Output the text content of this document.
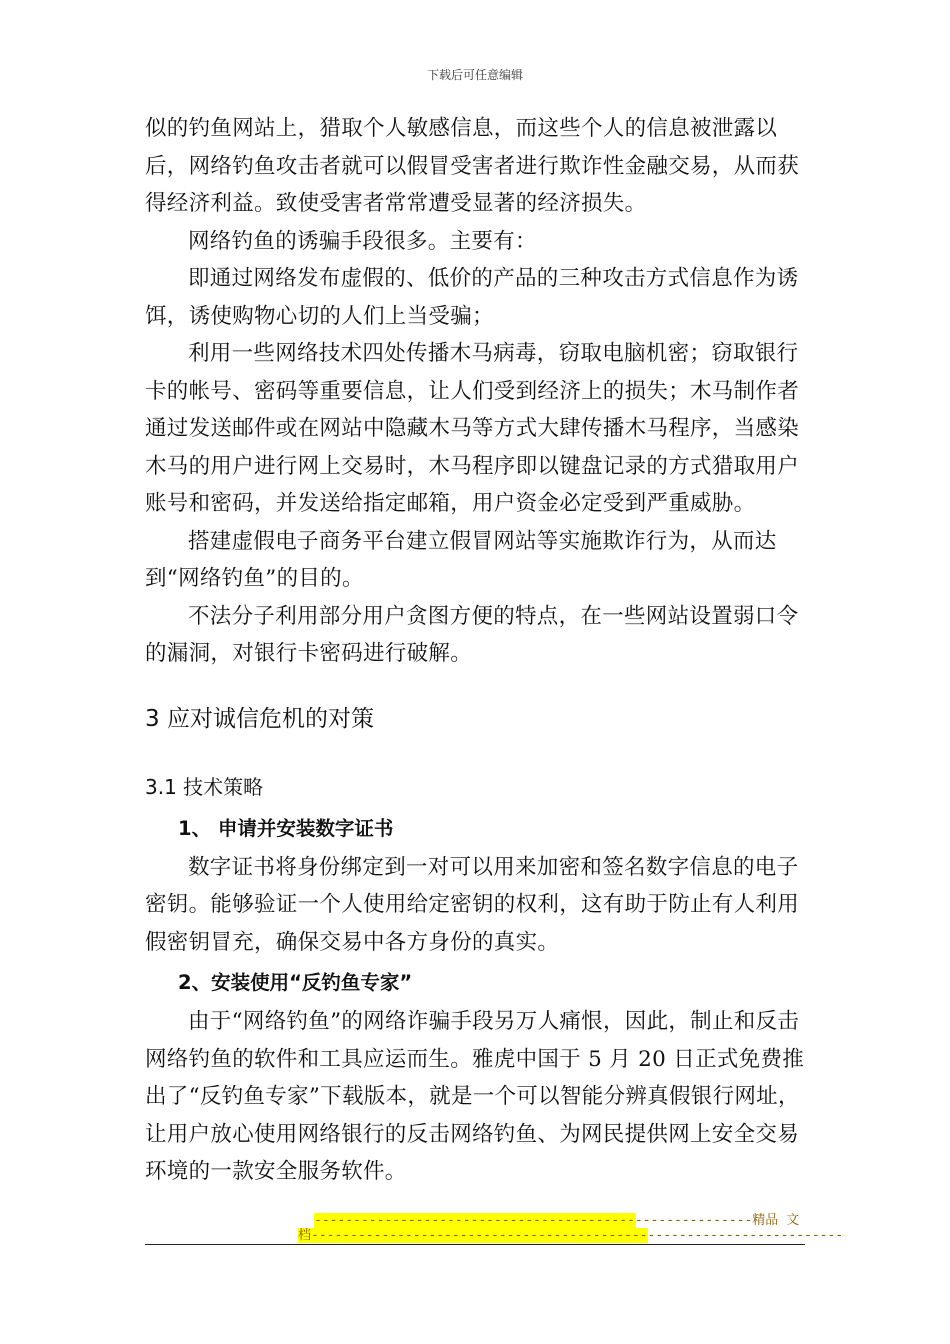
下载后可任意编辑

似的钓鱼网站上，猎取个人敏感信息，而这些个人的信息被泄露以后，网络钓鱼攻击者就可以假冒受害者进行欺诈性金融交易，从而获得经济利益。致使受害者常常遭受显著的经济损失。

网络钓鱼的诱骗手段很多。主要有：

即通过网络发布虚假的、低价的产品的三种攻击方式信息作为诱饵，诱使购物心切的人们上当受骗；

利用一些网络技术四处传播木马病毒，窃取电脑机密；窃取银行卡的帐号、密码等重要信息，让人们受到经济上的损失；木马制作者通过发送邮件或在网站中隐藏木马等方式大肆传播木马程序，当感染木马的用户进行网上交易时，木马程序即以键盘记录的方式猎取用户账号和密码，并发送给指定邮箱，用户资金必定受到严重威胁。

搭建虚假电子商务平台建立假冒网站等实施欺诈行为，从而达到“网络钓鱼”的目的。

不法分子利用部分用户贪图方便的特点，在一些网站设置弱口令的漏洞，对银行卡密码进行破解。

3 应对诚信危机的对策
3.1 技术策略
1、 申请并安装数字证书

数字证书将身份绑定到一对可以用来加密和签名数字信息的电子密钥。能够验证一个人使用给定密钥的权利，这有助于防止有人利用假密钥冒充，确保交易中各方身份的真实。

2、安装使用“反钓鱼专家”

由于“网络钓鱼”的网络诈骗手段另万人痛恨，因此，制止和反击网络钓鱼的软件和工具应运而生。雅虎中国于 5 月 20 日正式免费推出了“反钓鱼专家”下载版本，就是一个可以智能分辨真假银行网址，让用户放心使用网络银行的反击网络钓鱼、为网民提供网上安全交易环境的一款安全服务软件。

--------------------------------------------------------精品 文
档--------------------------------------------------------------------
